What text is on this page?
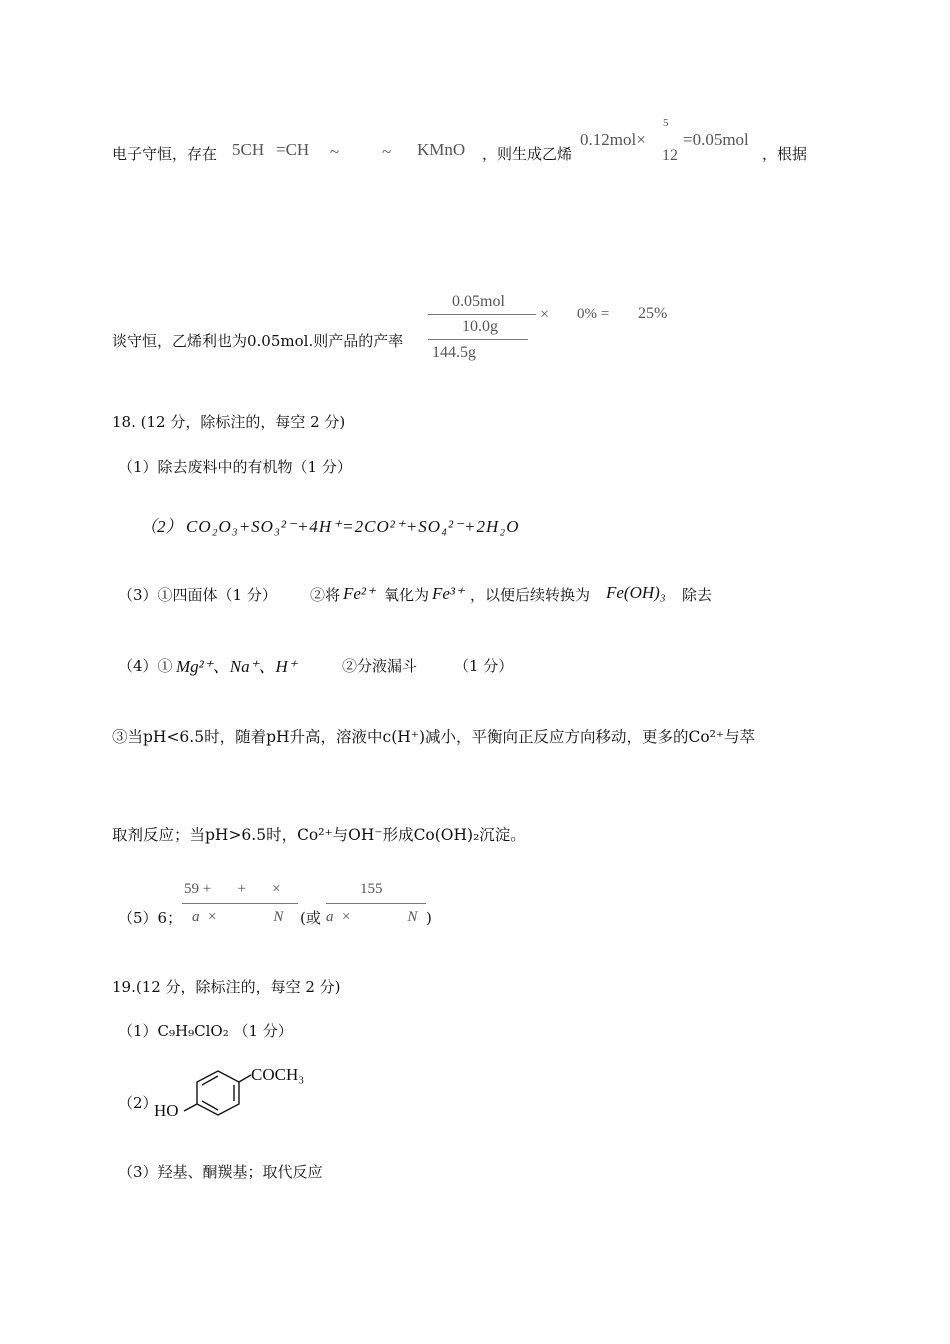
电子守恒，存在 5CH =CH ~	~ KMnO ，则生成乙烯
0.12mol×
5
12
=0.05mol
，根据
0.05mol
10.0g
144.5g
× 0% = 25%
谈守恒，乙烯利也为0.05mol.则产品的产率
18. (12 分，除标注的，每空 2 分)
（1）除去废料中的有机物（1 分）
（2） CO₂O₃+SO₃²⁻+4H⁺=2CO²⁺+SO₄²⁻+2H₂O
（3）①四面体（1 分） ②将 Fe²⁺ 氧化为 Fe³⁺ ，以便后续转换为 Fe(OH)₃ 除去
（4）① Mg²⁺、Na⁺、H⁺	②分液漏斗 （1 分）
③当pH<6.5时，随着pH升高，溶液中c(H⁺)减小，平衡向正反应方向移动，更多的Co²⁺与萃
取剂反应；当pH>6.5时，Co²⁺与OH⁻形成Co(OH)₂沉淀。
（5）6；
59 +       +       ×
a  ×               N (或
155
a  ×               N )
19.(12 分，除标注的，每空 2 分)
（1）C₉H₉ClO₂ （1 分）
（2）
COCH₃
HO
（3）羟基、酮羰基；取代反应
